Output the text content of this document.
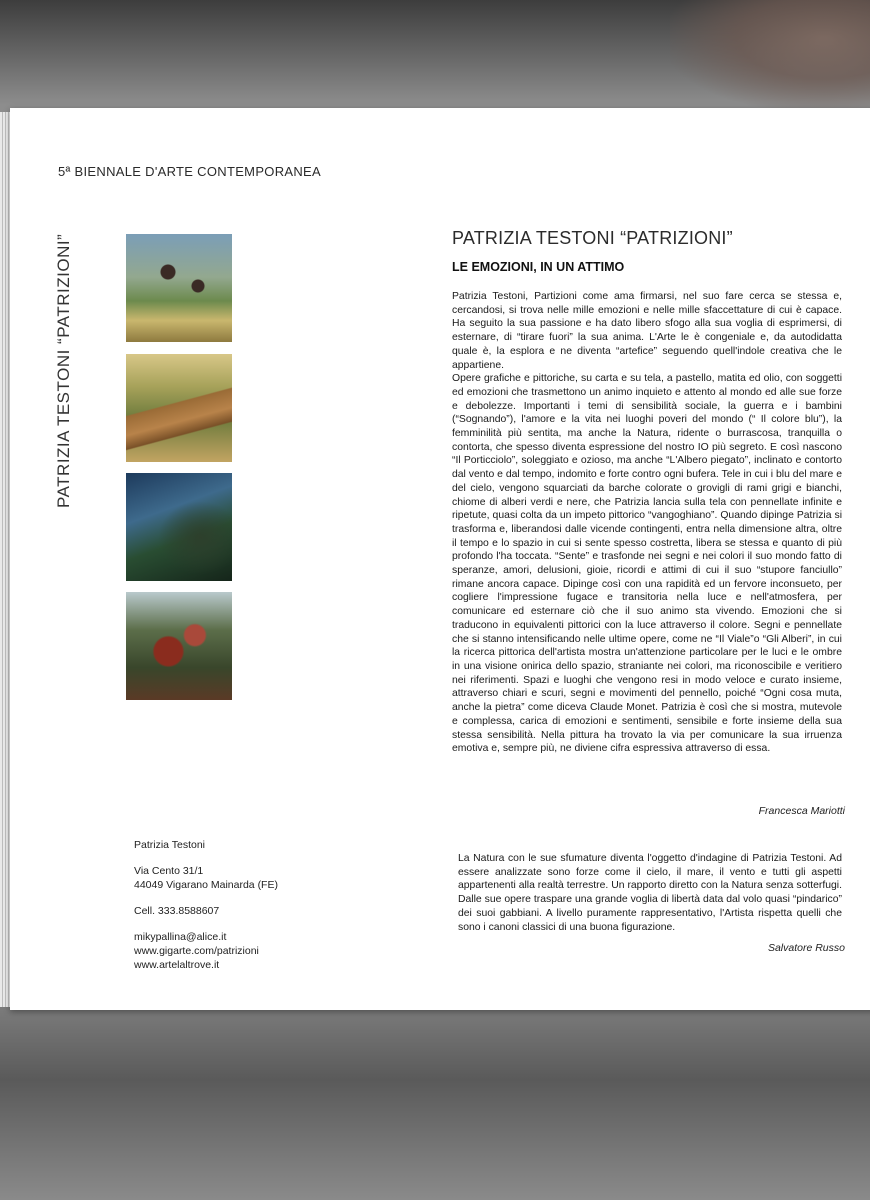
5ª BIENNALE D'ARTE CONTEMPORANEA
PATRIZIA TESTONI “PATRIZIONI”
Patrizia Testoni
Via Cento 31/1
44049 Vigarano Mainarda (FE)
Cell. 333.8588607
mikypallina@alice.it
www.gigarte.com/patrizioni
www.artelaltrove.it
PATRIZIA TESTONI “PATRIZIONI”
LE EMOZIONI, IN UN ATTIMO

Patrizia Testoni, Partizioni come ama firmarsi, nel suo fare cerca se stessa e, cercandosi, si trova nelle mille emozioni e nelle mille sfaccettature di cui è capace. Ha seguito la sua passione e ha dato libero sfogo alla sua voglia di esprimersi, di esternare, di “tirare fuori” la sua anima. L'Arte le è congeniale e, da autodidatta quale è, la esplora e ne diventa “artefice” seguendo quell'indole creativa che le appartiene.

Opere grafiche e pittoriche, su carta e su tela, a pastello, matita ed olio, con soggetti ed emozioni che trasmettono un animo inquieto e attento al mondo ed alle sue forze e debolezze. Importanti i temi di sensibilità sociale, la guerra e i bambini (“Sognando”), l'amore e la vita nei luoghi poveri del mondo (“ Il colore blu”), la femminilità più sentita, ma anche la Natura, ridente o burrascosa, tranquilla o contorta, che spesso diventa espressione del nostro IO più segreto. E così nascono “Il Porticciolo”, soleggiato e ozioso, ma anche “L'Albero piegato”, inclinato e contorto dal vento e dal tempo, indomito e forte contro ogni bufera. Tele in cui i blu del mare e del cielo, vengono squarciati da barche colorate o grovigli di rami grigi e bianchi, chiome di alberi verdi e nere, che Patrizia lancia sulla tela con pennellate infinite e ripetute, quasi colta da un impeto pittorico “vangoghiano”. Quando dipinge Patrizia si trasforma e, liberandosi dalle vicende contingenti, entra nella dimensione altra, oltre il tempo e lo spazio in cui si sente spesso costretta, libera se stessa e quanto di più profondo l'ha toccata. “Sente” e trasfonde nei segni e nei colori il suo mondo fatto di speranze, amori, delusioni, gioie, ricordi e attimi di cui il suo “stupore fanciullo” rimane ancora capace. Dipinge così con una rapidità ed un fervore inconsueto, per cogliere l'impressione fugace e transitoria nella luce e nell'atmosfera, per comunicare ed esternare ciò che il suo animo sta vivendo. Emozioni che si traducono in equivalenti pittorici con la luce attraverso il colore. Segni e pennellate che si stanno intensificando nelle ultime opere, come ne “Il Viale”o “Gli Alberi”, in cui la ricerca pittorica dell'artista mostra un'attenzione particolare per le luci e le ombre in una visione onirica dello spazio, straniante nei colori, ma riconoscibile e veritiero nei riferimenti. Spazi e luoghi che vengono resi in modo veloce e curato insieme, attraverso chiari e scuri, segni e movimenti del pennello, poiché “Ogni cosa muta, anche la pietra” come diceva Claude Monet. Patrizia è così che si mostra, mutevole e complessa, carica di emozioni e sentimenti, sensibile e forte insieme della sua stessa sensibilità. Nella pittura ha trovato la via per comunicare la sua irruenza emotiva e, sempre più, ne diviene cifra espressiva attraverso di essa.

Francesca Mariotti

La Natura con le sue sfumature diventa l'oggetto d'indagine di Patrizia Testoni. Ad essere analizzate sono forze come il cielo, il mare, il vento e tutti gli aspetti appartenenti alla realtà terrestre. Un rapporto diretto con la Natura senza sotterfugi. Dalle sue opere traspare una grande voglia di libertà data dal volo quasi “pindarico” dei suoi gabbiani. A livello puramente rappresentativo, l'Artista rispetta quelli che sono i canoni classici di una buona figurazione.

Salvatore Russo
